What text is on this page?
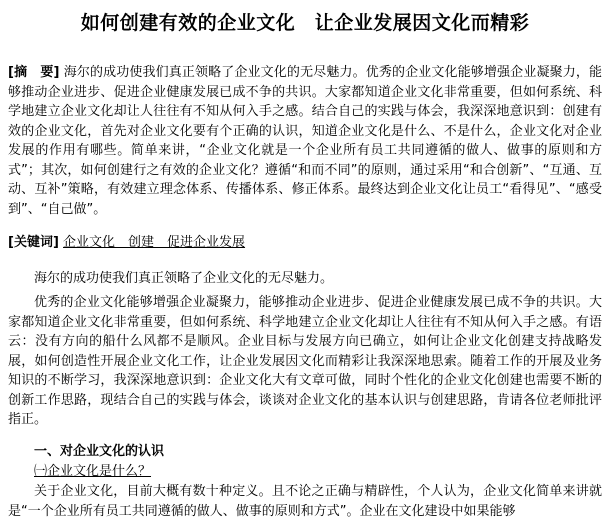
如何创建有效的企业文化　让企业发展因文化而精彩
[摘　要] 海尔的成功使我们真正领略了企业文化的无尽魅力。优秀的企业文化能够增强企业凝聚力，能够推动企业进步、促进企业健康发展已成不争的共识。大家都知道企业文化非常重要，但如何系统、科学地建立企业文化却让人往往有不知从何入手之感。结合自己的实践与体会，我深深地意识到：创建有效的企业文化，首先对企业文化要有个正确的认识，知道企业文化是什么、不是什么，企业文化对企业发展的作用有哪些。简单来讲，“企业文化就是一个企业所有员工共同遵循的做人、做事的原则和方式”；其次，如何创建行之有效的企业文化？遵循“和而不同”的原则，通过采用“和合创新”、“互通、互动、互补”策略，有效建立理念体系、传播体系、修正体系。最终达到企业文化让员工“看得见”、“感受到”、“自己做”。
[关键词] 企业文化　创建　促进企业发展
海尔的成功使我们真正领略了企业文化的无尽魅力。
优秀的企业文化能够增强企业凝聚力，能够推动企业进步、促进企业健康发展已成不争的共识。大家都知道企业文化非常重要，但如何系统、科学地建立企业文化却让人往往有不知从何入手之感。有语云：没有方向的船什么风都不是顺风。企业目标与发展方向已确立，如何让企业文化创建支持战略发展，如何创造性开展企业文化工作，让企业发展因文化而精彩让我深深地思索。随着工作的开展及业务知识的不断学习，我深深地意识到：企业文化大有文章可做，同时个性化的企业文化创建也需要不断的创新工作思路，现结合自己的实践与体会，谈谈对企业文化的基本认识与创建思路，肯请各位老师批评指正。
一、对企业文化的认识
㈠企业文化是什么？
关于企业文化，目前大概有数十种定义。且不论之正确与精辟性，个人认为，企业文化简单来讲就是“一个企业所有员工共同遵循的做人、做事的原则和方式”。企业在文化建设中如果能够
